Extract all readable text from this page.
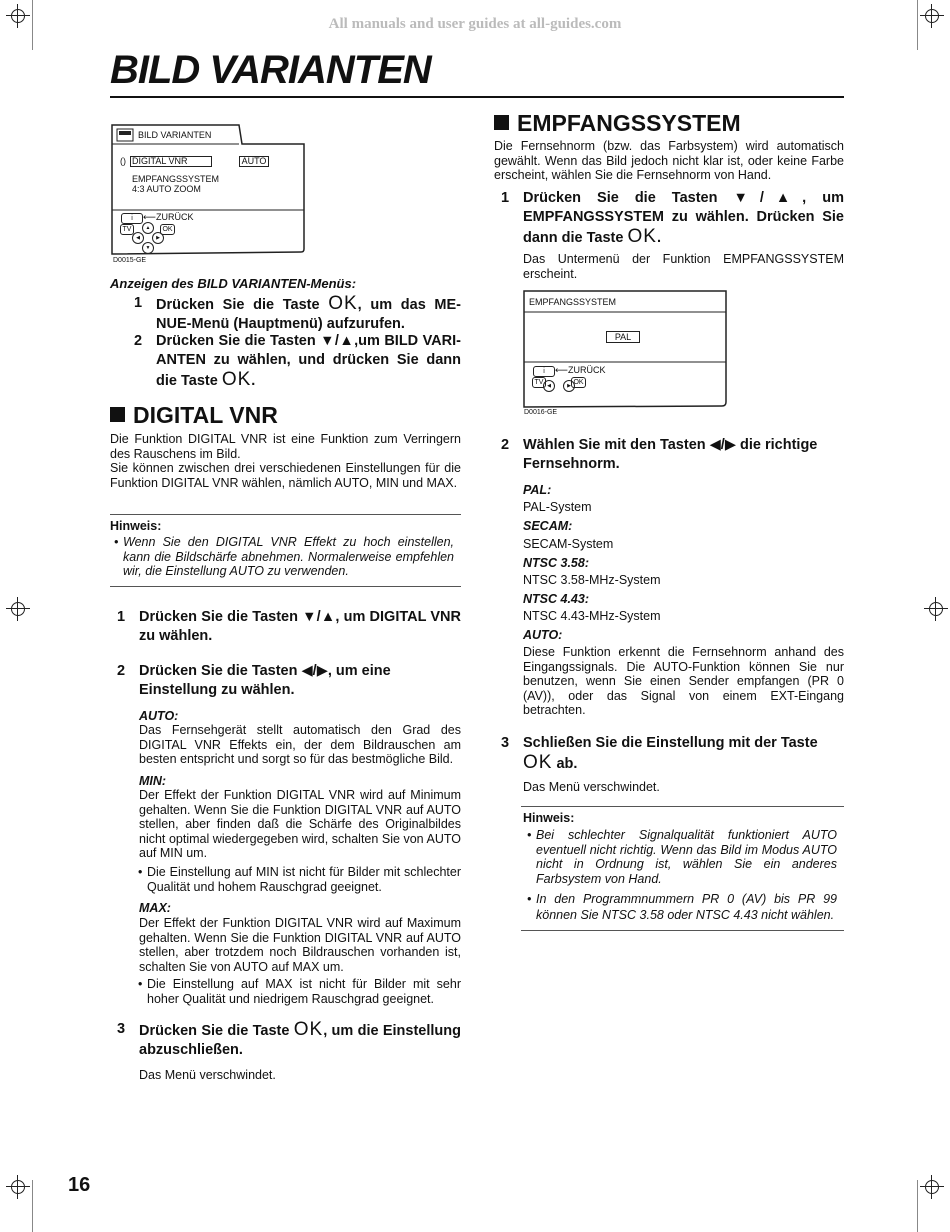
All manuals and user guides at all-guides.com
BILD VARIANTEN
BILD VARIANTEN
() DIGITAL VNR	AUTO
EMPFANGSSYSTEM
4:3 AUTO ZOOM
i	⟵ ZURÜCK
TV	OK
▲
◀	▶
▼
D0015-GE
Anzeigen des BILD VARIANTEN-Menüs:
1 Drücken Sie die Taste OK, um das ME-NUE-Menü (Hauptmenü) aufzurufen.
2 Drücken Sie die Tasten ▼/▲,um BILD VARI-ANTEN zu wählen, und drücken Sie dann die Taste OK.
DIGITAL VNR
Die Funktion DIGITAL VNR ist eine Funktion zum Verringern des Rauschens im Bild.
Sie können zwischen drei verschiedenen Einstellungen für die Funktion DIGITAL VNR wählen, nämlich AUTO, MIN und MAX.
Hinweis:
• Wenn Sie den DIGITAL VNR Effekt zu hoch einstellen, kann die Bildschärfe abnehmen. Normalerweise empfehlen wir, die Einstellung AUTO zu verwenden.
1 Drücken Sie die Tasten ▼/▲, um DIGITAL VNR zu wählen.
2 Drücken Sie die Tasten ◀/▶, um eine Einstellung zu wählen.
AUTO:
Das Fernsehgerät stellt automatisch den Grad des DIGITAL VNR Effekts ein, der dem Bildrauschen am besten entspricht und sorgt so für das bestmögliche Bild.
MIN:
Der Effekt der Funktion DIGITAL VNR wird auf Minimum gehalten. Wenn Sie die Funktion DIGITAL VNR auf AUTO stellen, aber finden daß die Schärfe des Originalbildes nicht optimal wiedergegeben wird, schalten Sie von AUTO auf MIN um.
• Die Einstellung auf MIN ist nicht für Bilder mit schlechter Qualität und hohem Rauschgrad geeignet.
MAX:
Der Effekt der Funktion DIGITAL VNR wird auf Maximum gehalten. Wenn Sie die Funktion DIGITAL VNR auf AUTO stellen, aber trotzdem noch Bildrauschen vorhanden ist, schalten Sie von AUTO auf MAX um.
• Die Einstellung auf MAX ist nicht für Bilder mit sehr hoher Qualität und niedrigem Rauschgrad geeignet.
3 Drücken Sie die Taste OK, um die Einstellung abzuschließen.
Das Menü verschwindet.
EMPFANGSSYSTEM
Die Fernsehnorm (bzw. das Farbsystem) wird automatisch gewählt. Wenn das Bild jedoch nicht klar ist, oder keine Farbe erscheint, wählen Sie die Fernsehnorm von Hand.
1 Drücken Sie die Tasten ▼/▲, um EMPFANGSSYSTEM zu wählen. Drücken Sie dann die Taste OK.
Das Untermenü der Funktion EMPFANGSSYSTEM erscheint.
EMPFANGSSYSTEM
PAL
i	⟵ ZURÜCK
TV	OK
◀	▶
D0016-GE
2 Wählen Sie mit den Tasten ◀/▶ die richtige Fernsehnorm.
PAL:
PAL-System
SECAM:
SECAM-System
NTSC 3.58:
NTSC 3.58-MHz-System
NTSC 4.43:
NTSC 4.43-MHz-System
AUTO:
Diese Funktion erkennt die Fernsehnorm anhand des Eingangssignals. Die AUTO-Funktion können Sie nur benutzen, wenn Sie einen Sender empfangen (PR 0 (AV)), oder das Signal von einem EXT-Eingang betrachten.
3 Schließen Sie die Einstellung mit der Taste OK ab.
Das Menü verschwindet.
Hinweis:
• Bei schlechter Signalqualität funktioniert AUTO eventuell nicht richtig. Wenn das Bild im Modus AUTO nicht in Ordnung ist, wählen Sie ein anderes Farbsystem von Hand.
• In den Programmnummern PR 0 (AV) bis PR 99 können Sie NTSC 3.58 oder NTSC 4.43 nicht wählen.
16
